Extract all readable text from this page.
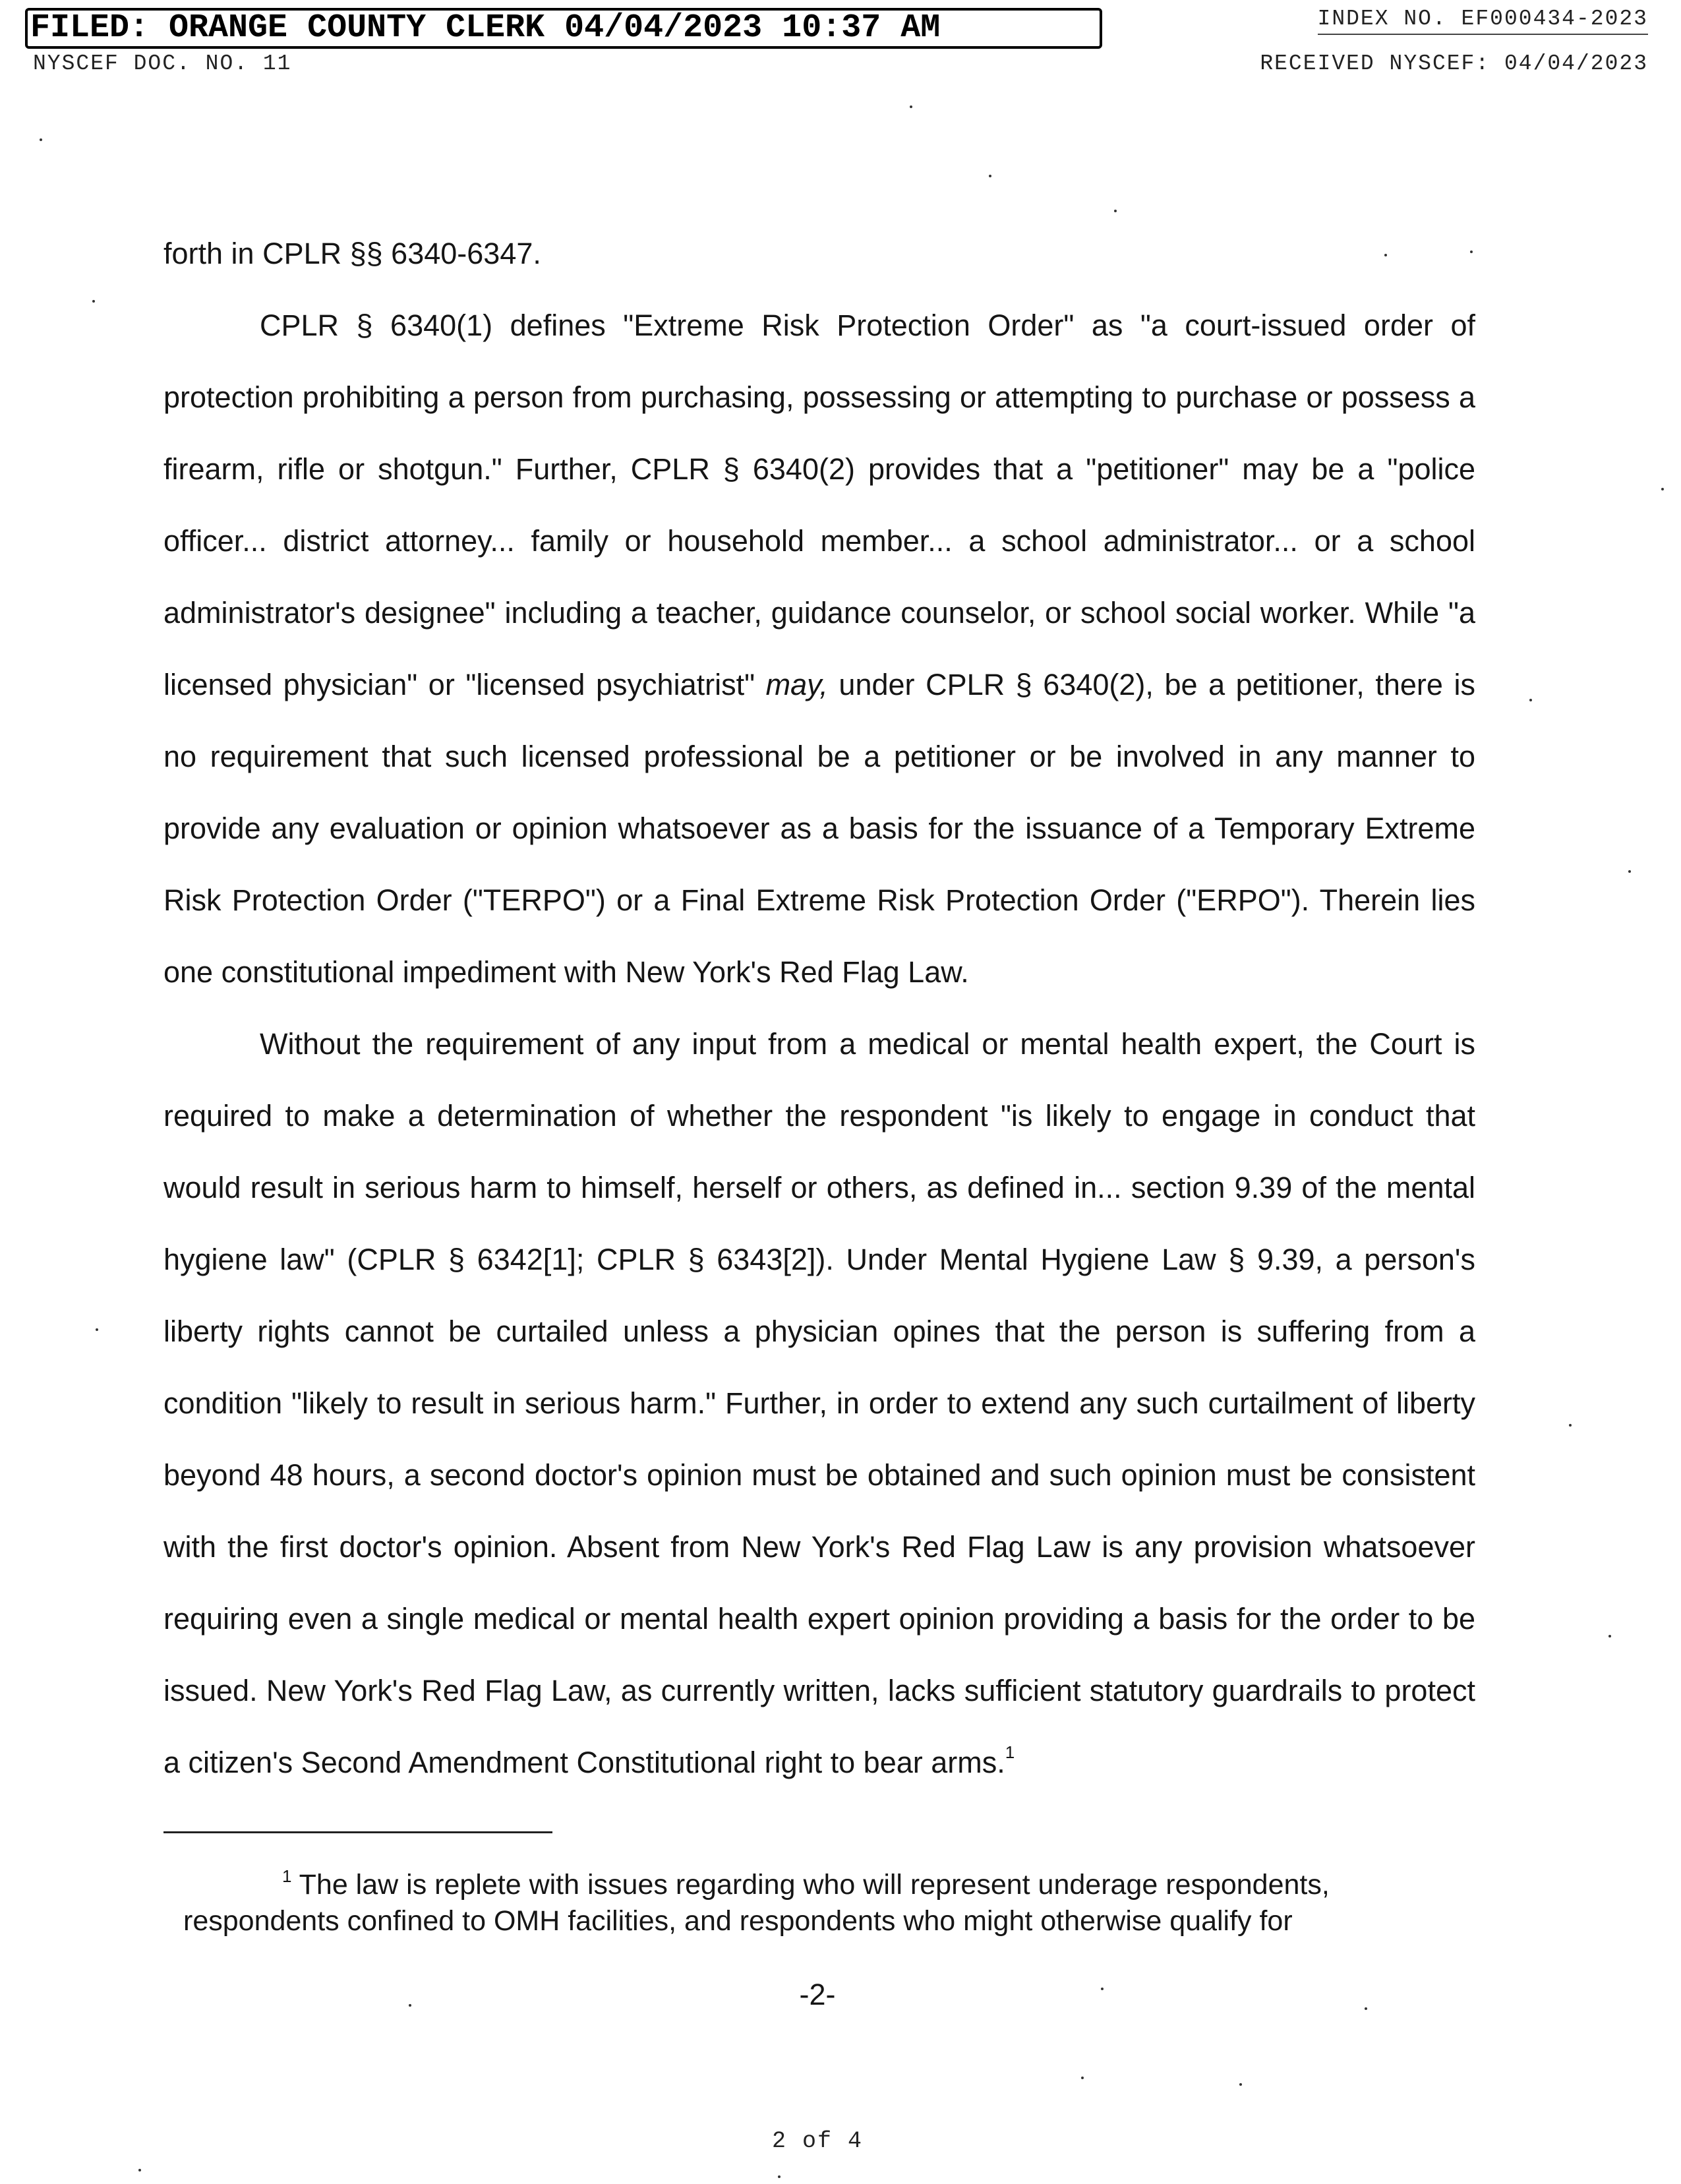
FILED: ORANGE COUNTY CLERK 04/04/2023 10:37 AM
NYSCEF DOC. NO. 11
INDEX NO. EF000434-2023
RECEIVED NYSCEF: 04/04/2023

forth in CPLR §§ 6340-6347.

CPLR § 6340(1) defines "Extreme Risk Protection Order" as "a court-issued order of protection prohibiting a person from purchasing, possessing or attempting to purchase or possess a firearm, rifle or shotgun." Further, CPLR § 6340(2) provides that a "petitioner" may be a "police officer... district attorney... family or household member... a school administrator... or a school administrator's designee" including a teacher, guidance counselor, or school social worker. While "a licensed physician" or "licensed psychiatrist" may, under CPLR § 6340(2), be a petitioner, there is no requirement that such licensed professional be a petitioner or be involved in any manner to provide any evaluation or opinion whatsoever as a basis for the issuance of a Temporary Extreme Risk Protection Order ("TERPO") or a Final Extreme Risk Protection Order ("ERPO"). Therein lies one constitutional impediment with New York's Red Flag Law.

Without the requirement of any input from a medical or mental health expert, the Court is required to make a determination of whether the respondent "is likely to engage in conduct that would result in serious harm to himself, herself or others, as defined in... section 9.39 of the mental hygiene law" (CPLR § 6342[1]; CPLR § 6343[2]). Under Mental Hygiene Law § 9.39, a person's liberty rights cannot be curtailed unless a physician opines that the person is suffering from a condition "likely to result in serious harm." Further, in order to extend any such curtailment of liberty beyond 48 hours, a second doctor's opinion must be obtained and such opinion must be consistent with the first doctor's opinion. Absent from New York's Red Flag Law is any provision whatsoever requiring even a single medical or mental health expert opinion providing a basis for the order to be issued. New York's Red Flag Law, as currently written, lacks sufficient statutory guardrails to protect a citizen's Second Amendment Constitutional right to bear arms.$^1$

$^1$ The law is replete with issues regarding who will represent underage respondents, respondents confined to OMH facilities, and respondents who might otherwise qualify for
-2-
2 of 4
